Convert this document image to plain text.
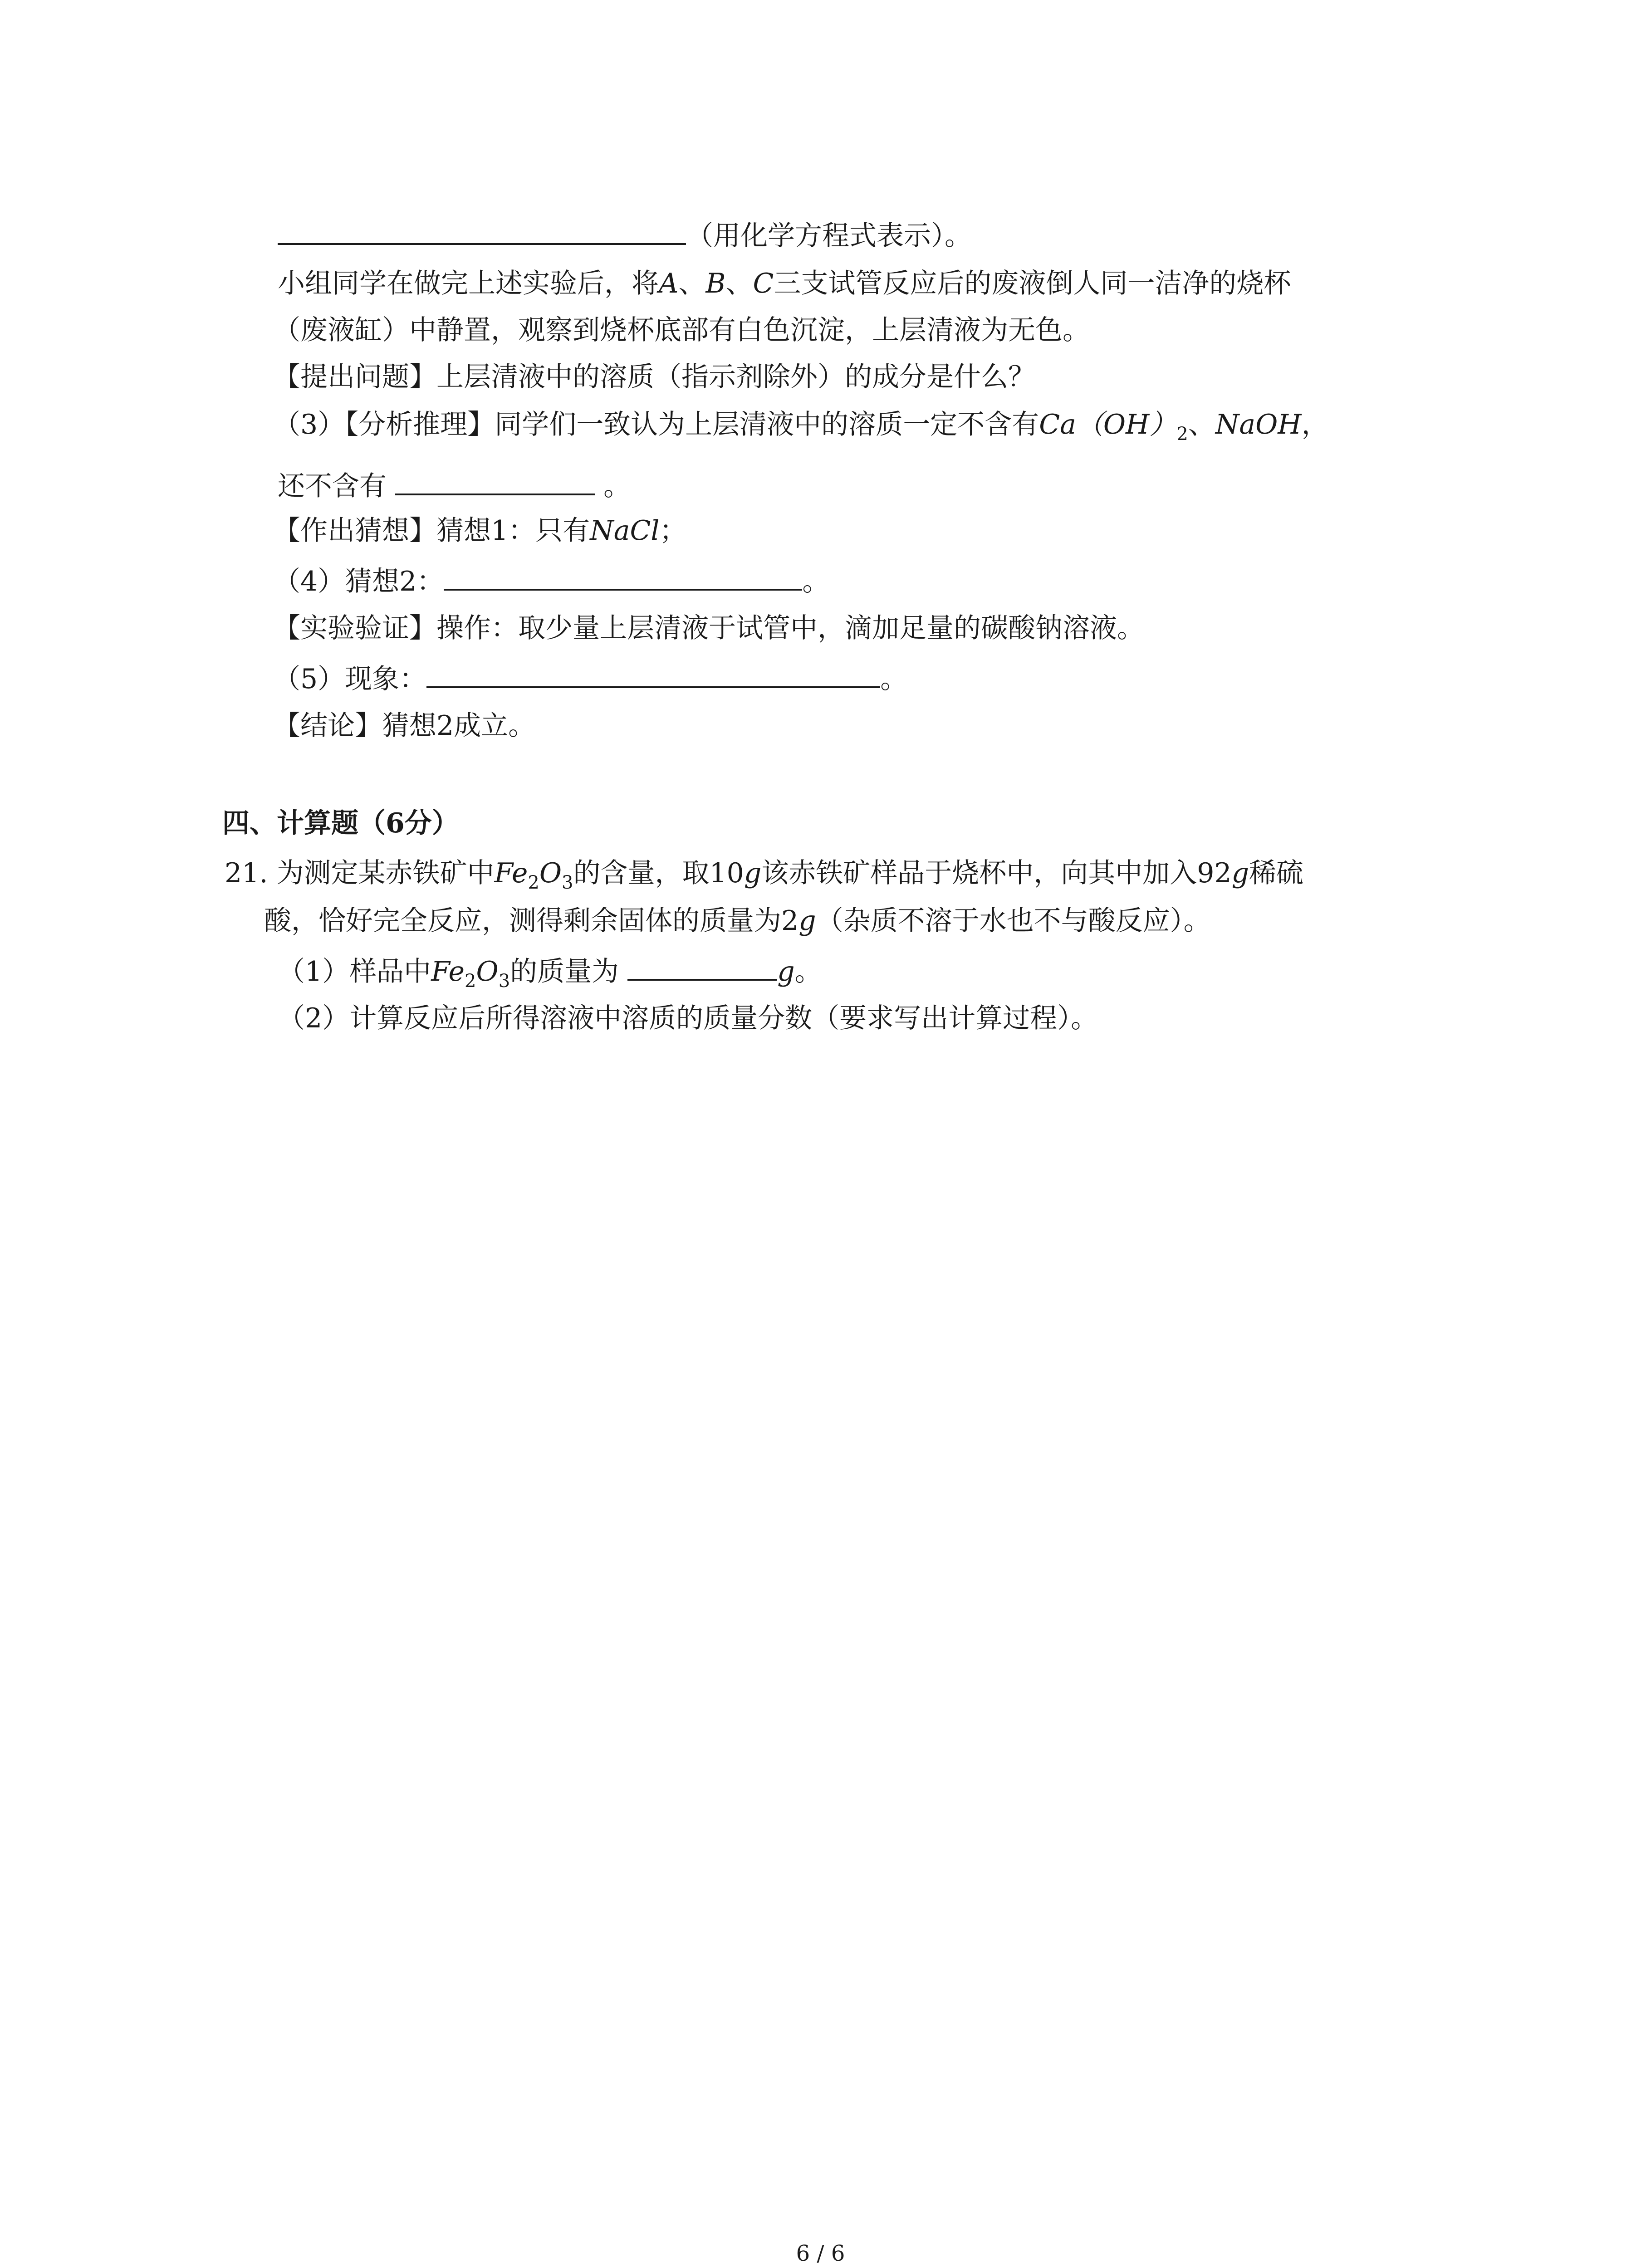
（用化学方程式表示）。
小组同学在做完上述实验后，将A、B、C三支试管反应后的废液倒人同一洁净的烧杯
（废液缸）中静置，观察到烧杯底部有白色沉淀，上层清液为无色。
【提出问题】上层清液中的溶质（指示剂除外）的成分是什么？
（3）【分析推理】同学们一致认为上层清液中的溶质一定不含有$Ca(OH)_2$、NaOH，
还不含有	。
【作出猜想】猜想1：只有NaCl；
（4）猜想2：	。
【实验验证】操作：取少量上层清液于试管中，滴加足量的碳酸钠溶液。
（5）现象：	。
【结论】猜想2成立。
四、计算题（6分）
21. 为测定某赤铁矿中$Fe_2O_3$的含量，取10g该赤铁矿样品于烧杯中，向其中加入92g稀硫
酸，恰好完全反应，测得剩余固体的质量为2g（杂质不溶于水也不与酸反应）。
（1）样品中$Fe_2O_3$的质量为	g。
（2）计算反应后所得溶液中溶质的质量分数（要求写出计算过程）。
6 / 6
